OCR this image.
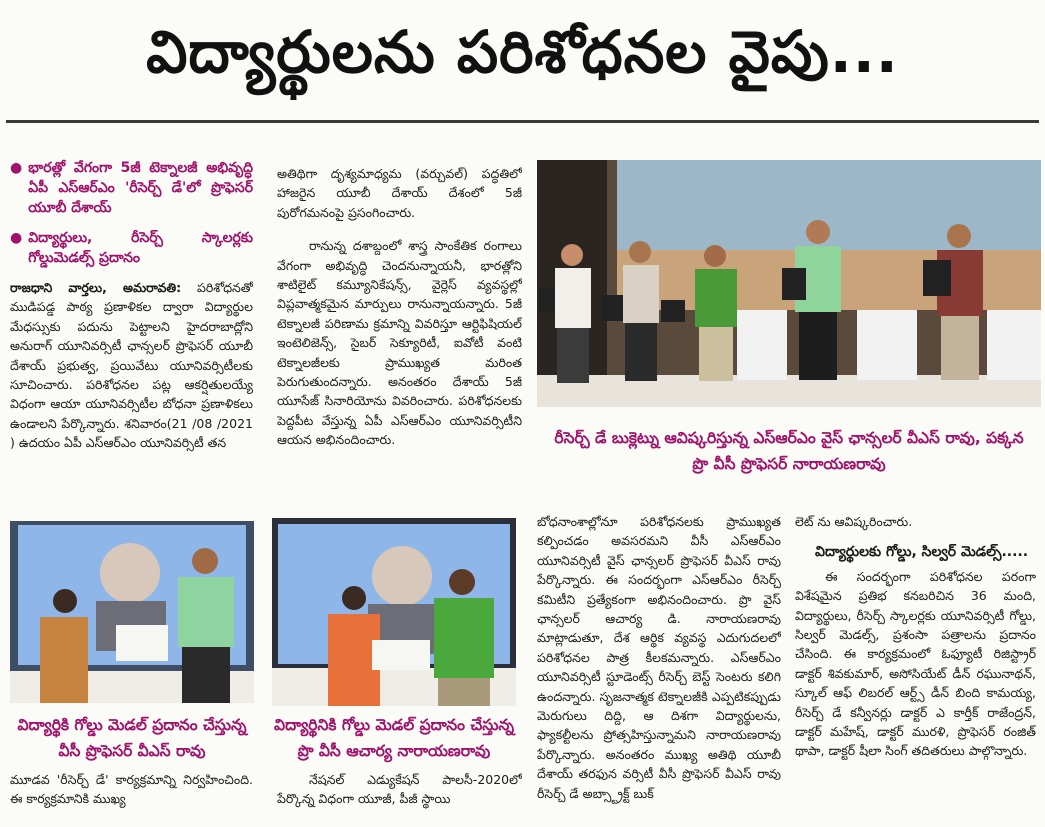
విద్యార్థులను పరిశోధనల వైపు...
● భారత్లో వేగంగా 5జీ టెక్నాలజీ అభివృద్ధి ఏపీ ఎస్ఆర్ఎం 'రీసెర్చ్ డే'లో ప్రొఫెసర్ యూబీ దేశాయ్
● విద్యార్థులు, రీసెర్చ్ స్కాలర్లకు గోల్డుమెడల్స్ ప్రదానం

రాజధాని వార్తలు, అమరావతి: పరిశోధనతో ముడిపడ్డ పాఠ్య ప్రణాళికల ద్వారా విద్యార్థుల మేధస్సుకు పదును పెట్టాలని హైదరాబాద్లోని అనురాగ్ యూనివర్సిటీ ఛాన్సలర్ ప్రొఫెసర్ యూబీ దేశాయ్ ప్రభుత్వ, ప్రయివేటు యూనివర్సిటీలకు సూచించారు. పరిశోధనల పట్ల ఆకర్షితులయ్యే విధంగా ఆయా యూనివర్సిటీల బోధనా ప్రణాళికలు ఉండాలని పేర్కొన్నారు. శనివారం(21 /08 /2021 ) ఉదయం ఏపీ ఎస్ఆర్ఎం యూనివర్సిటీ తన

అతిథిగా దృశ్యమాధ్యమ (వర్చువల్) పద్ధతిలో హాజరైన యూబీ దేశాయ్ దేశంలో 5జీ పురోగమనంపై ప్రసంగించారు.

రానున్న దశాబ్దంలో శాస్త్ర సాంకేతిక రంగాలు వేగంగా అభివృద్ధి చెందనున్నాయనీ, భారత్లోని శాటిలైట్ కమ్యూనికేషన్స్, వైర్లెస్ వ్యవస్థల్లో విప్లవాత్మకమైన మార్పులు రానున్నాయన్నారు. 5జీ టెక్నాలజీ పరిణామ క్రమాన్ని వివరిస్తూ ఆర్టిఫిషియల్ ఇంటెలిజెన్స్, సైబర్ సెక్యూరిటీ, ఐవోటీ వంటి టెక్నాలజీలకు ప్రాముఖ్యత మరింత పెరుగుతుందన్నారు. అనంతరం దేశాయ్ 5జీ యూసేజ్ సినారియోను వివరించారు. పరిశోధనలకు పెద్దపీట వేస్తున్న ఏపీ ఎస్ఆర్ఎం యూనివర్సిటీని ఆయన అభినందించారు.	రీసెర్చ్ డే బుక్లెట్ను ఆవిష్కరిస్తున్న ఎస్ఆర్ఎం వైస్ ఛాన్సలర్ వీఎస్ రావు, పక్కన ప్రొ వీసీ ప్రొఫెసర్ నారాయణరావు
విద్యార్థికి గోల్డు మెడల్ ప్రదానం చేస్తున్న వీసీ ప్రొఫెసర్ వీఎస్ రావు
విద్యార్థినికి గోల్డు మెడల్ ప్రదానం చేస్తున్న ప్రొ వీసీ ఆచార్య నారాయణరావు

మూడవ 'రీసెర్చ్ డే' కార్యక్రమాన్ని నిర్వహించింది. ఈ కార్యక్రమానికి ముఖ్య

నేషనల్ ఎడ్యుకేషన్ పాలసీ-2020లో పేర్కొన్న విధంగా యూజీ, పీజీ స్థాయి

బోధనాంశాల్లోనూ పరిశోధనలకు ప్రాముఖ్యత కల్పించడం అవసరమని వీసీ ఎస్ఆర్ఎం యూనివర్సిటీ వైస్ ఛాన్సలర్ ప్రొఫెసర్ వీఎస్ రావు పేర్కొన్నారు. ఈ సందర్భంగా ఎస్ఆర్ఎం రీసెర్చ్ కమిటీని ప్రత్యేకంగా అభినందించారు. ప్రొ వైస్ ఛాన్సలర్ ఆచార్య డి. నారాయణరావు మాట్లాడుతూ, దేశ ఆర్థిక వ్యవస్థ ఎదుగుదలలో పరిశోధనల పాత్ర కీలకమన్నారు. ఎస్ఆర్ఎం యూనివర్సిటీ స్టూడెంట్స్ రీసెర్చ్ బెస్ట్ సెంటరు కలిగి ఉందన్నారు. సృజనాత్మక టెక్నాలజీకి ఎప్పటికప్పుడు మెరుగులు దిద్ది, ఆ దిశగా విద్యార్థులను, ఫ్యాకల్టీలను ప్రోత్సహిస్తున్నామని నారాయణరావు పేర్కొన్నారు. అనంతరం ముఖ్య అతిథి యూబీ దేశాయ్ తరఫున వర్సిటీ వీసీ ప్రొఫెసర్ వీఎస్ రావు రీసెర్చ్ డే అబ్స్ట్రాక్ట్ బుక్

లెట్ ను ఆవిష్కరించారు.

విద్యార్థులకు గోల్డు, సిల్వర్ మెడల్స్.....

ఈ సందర్భంగా పరిశోధనల పరంగా విశేషమైన ప్రతిభ కనబరిచిన 36 మంది, విద్యార్థులు, రీసెర్చ్ స్కాలర్లకు యూనివర్సిటీ గోల్డు, సిల్వర్ మెడల్స్, ప్రశంసా పత్రాలను ప్రదానం చేసింది. ఈ కార్యక్రమంలో ఓఫ్యూటీ రిజిస్ట్రార్ డాక్టర్ శివకుమార్, అసోసియేట్ డీన్ రఘునాథన్, స్కూల్ ఆఫ్ లిబరల్ ఆర్ట్స్ డీన్ బింది కామయ్య, రీసెర్చ్ డే కన్వీనర్లు డాక్టర్ ఎ కార్తీక్ రాజేంద్రన్, డాక్టర్ మహేష్, డాక్టర్ మురళి, ప్రొఫెసర్ రంజిత్ థాపా, డాక్టర్ షీలా సింగ్ తదితరులు పాల్గొన్నారు.
